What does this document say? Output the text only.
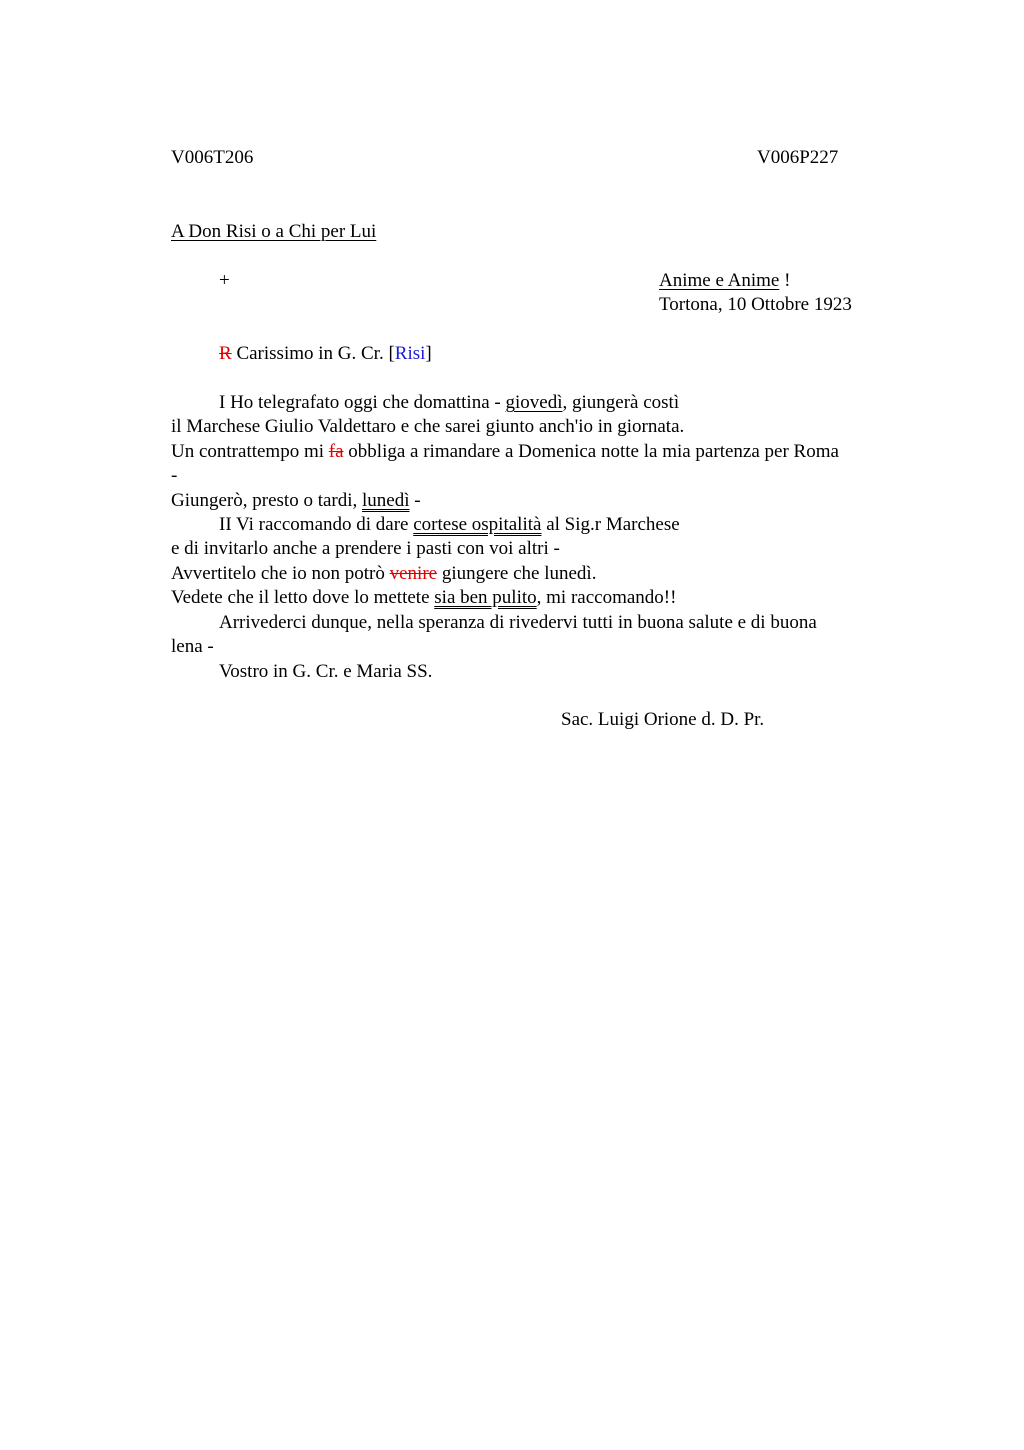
V006T206	V006P227
A Don Risi o a Chi per Lui
+	Anime e Anime !
Tortona, 10 Ottobre 1923
R Carissimo in G. Cr. [Risi]
I Ho telegrafato oggi che domattina - giovedì, giungerà costì
il Marchese Giulio Valdettaro e che sarei giunto anch'io in giornata.
Un contrattempo mi fa obbliga a rimandare a Domenica notte la mia partenza per Roma
-
Giungerò, presto o tardi, lunedì -
II Vi raccomando di dare cortese ospitalità al Sig.r Marchese
e di invitarlo anche a prendere i pasti con voi altri -
Avvertitelo che io non potrò venire giungere che lunedì.
Vedete che il letto dove lo mettete sia ben pulito, mi raccomando!!
Arrivederci dunque, nella speranza di rivedervi tutti in buona salute e di buona
lena -
Vostro in G. Cr. e Maria SS.
Sac. Luigi Orione d. D. Pr.
